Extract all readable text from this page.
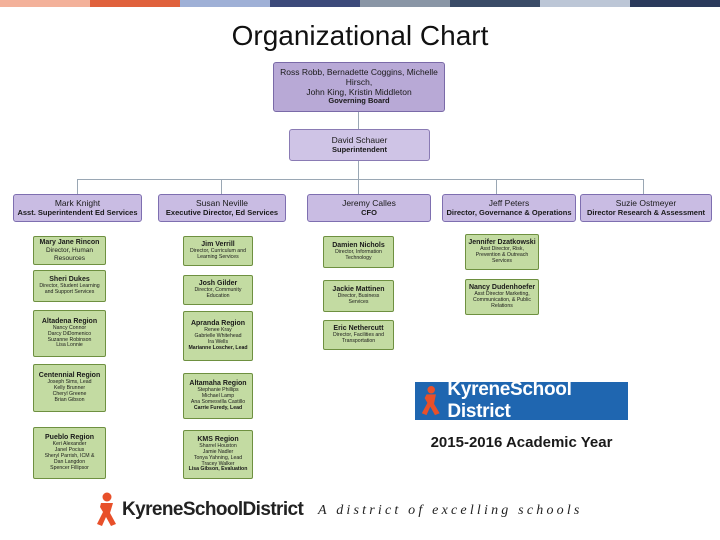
Organizational Chart
Ross Robb, Bernadette Coggins, Michelle Hirsch,
John King, Kristin Middleton
Governing Board
David Schauer
Superintendent
Mark Knight
Asst. Superintendent Ed Services
Susan Neville
Executive Director, Ed Services
Jeremy Calles
CFO
Jeff Peters
Director, Governance & Operations
Suzie Ostmeyer
Director Research & Assessment
Mary Jane Rincon
Director, Human
Resources
Sheri Dukes
Director, Student Learning
and Support Services
Altadena Region
Nancy Connor
Darcy DiDomenico
Suzanne Robinson
Lisa Lonnie
Centennial Region
Joseph Sims, Lead
Kelly Brunner
Cheryl Greene
Brian Gibson
Pueblo Region
Keri Alexander
Janel Pocius
Sheryl Parrish, ICM &
Dan Langdon
Spencer Fillipsor
Jim Verrill
Director, Curriculum and
Learning Services
Josh Gilder
Director, Community
Education
Apranda Region
Renee Kray
Gabrielle Whitehead
Ira Wells
Marianne Loscher, Lead
Altamaha Region
Stephanie Phillips
Michael Lamp
Ana Somesvilla Castillo
Carrie Furedy, Lead
KMS Region
Sharrel Houston
Jamie Nadler
Tonya Yahning, Lead
Tracey Walker
Lisa Gibson, Evaluation
Damien Nichols
Director, Information
Technology
Jackie Mattinen
Director, Business
Services
Eric Nethercutt
Director, Facilities and
Transportation
Jennifer Dzatkowski
Asst Director, Risk,
Prevention & Outreach
Services
Nancy Dudenhoefer
Asst Director Marketing,
Communication, & Public
Relations
KyreneSchool District
2015-2016 Academic Year
KyreneSchoolDistrict A district of excelling schools
